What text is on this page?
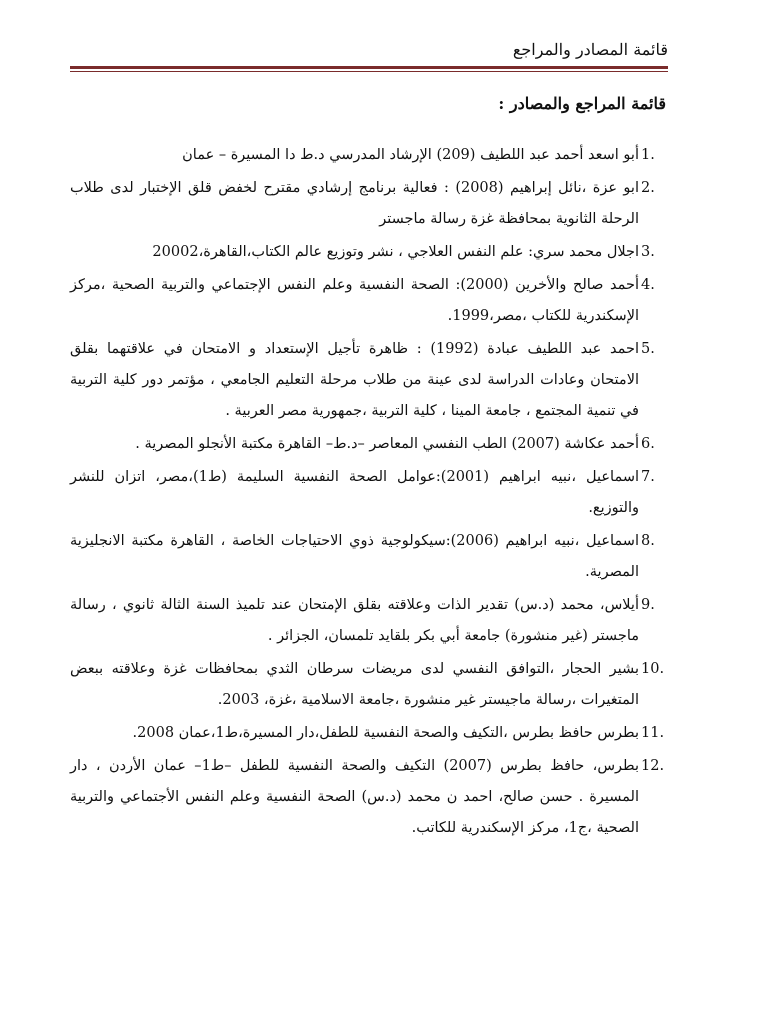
قائمة المصادر والمراجع
قائمة المراجع والمصادر :
1.
أبو اسعد أحمد عبد اللطيف (209) الإرشاد المدرسي د.ط دا المسيرة – عمان
2.
ابو عزة ،نائل إبراهيم (2008) : فعالية برنامج إرشادي مقترح لخفض قلق الإختبار لدى طلاب الرحلة الثانوية بمحافظة غزة رسالة ماجستر
3.
اجلال محمد سري: علم النفس العلاجي ، نشر وتوزيع عالم الكتاب،القاهرة،20002
4.
أحمد صالح والأخرين (2000): الصحة النفسية وعلم النفس الإجتماعي والتربية الصحية ،مركز الإسكندرية للكتاب ،مصر،1999.
5.
احمد عبد اللطيف عبادة (1992) : ظاهرة تأجيل الإستعداد و الامتحان في علاقتهما بقلق الامتحان وعادات الدراسة لدى عينة من طلاب مرحلة التعليم الجامعي ، مؤتمر دور كلية التربية في تنمية المجتمع ، جامعة المينا ، كلية التربية ،جمهورية مصر العربية .
6.
أحمد عكاشة (2007) الطب النفسي المعاصر –د.ط– القاهرة مكتبة الأنجلو المصرية .
7.
اسماعيل ،نبيه ابراهيم (2001):عوامل الصحة النفسية السليمة (ط1)،مصر، اتزان للنشر والتوزيع.
8.
اسماعيل ،نبيه ابراهيم (2006):سيكولوجية ذوي الاحتياجات الخاصة ، القاهرة مكتبة الانجليزية المصرية.
9.
أيلاس، محمد (د.س) تقدير الذات وعلاقته بقلق الإمتحان عند تلميذ السنة الثالة ثانوي ، رسالة ماجستر (غير منشورة) جامعة أبي بكر بلقايد تلمسان، الجزائر .
10.
بشير الحجار ،التوافق النفسي لدى مريضات سرطان الثدي بمحافظات غزة وعلاقته ببعض المتغيرات ،رسالة ماجيستر غير منشورة ،جامعة الاسلامية ،غزة، 2003.
11.
بطرس حافظ بطرس ،التكيف والصحة النفسية للطفل،دار المسيرة،ط1،عمان 2008.
12.
بطرس، حافظ بطرس (2007) التكيف والصحة النفسية للطفل –ط1– عمان الأردن ، دار المسيرة . حسن صالح، احمد ن محمد (د.س) الصحة النفسية وعلم النفس الأجتماعي والتربية الصحية ،ج1، مركز الإسكندرية للكاتب.
